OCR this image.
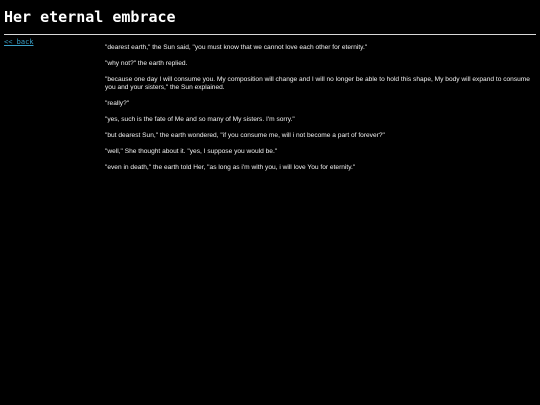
Her eternal embrace
<< back

"dearest earth," the Sun said, "you must know that we cannot love each other for eternity."

"why not?" the earth replied.

"because one day I will consume you. My composition will change and I will no longer be able to hold this shape, My body will expand to consume you and your sisters," the Sun explained.

"really?"

"yes, such is the fate of Me and so many of My sisters. I'm sorry."

"but dearest Sun," the earth wondered, "if you consume me, will i not become a part of forever?"

"well," She thought about it. "yes, I suppose you would be."

"even in death," the earth told Her, "as long as i'm with you, i will love You for eternity."
